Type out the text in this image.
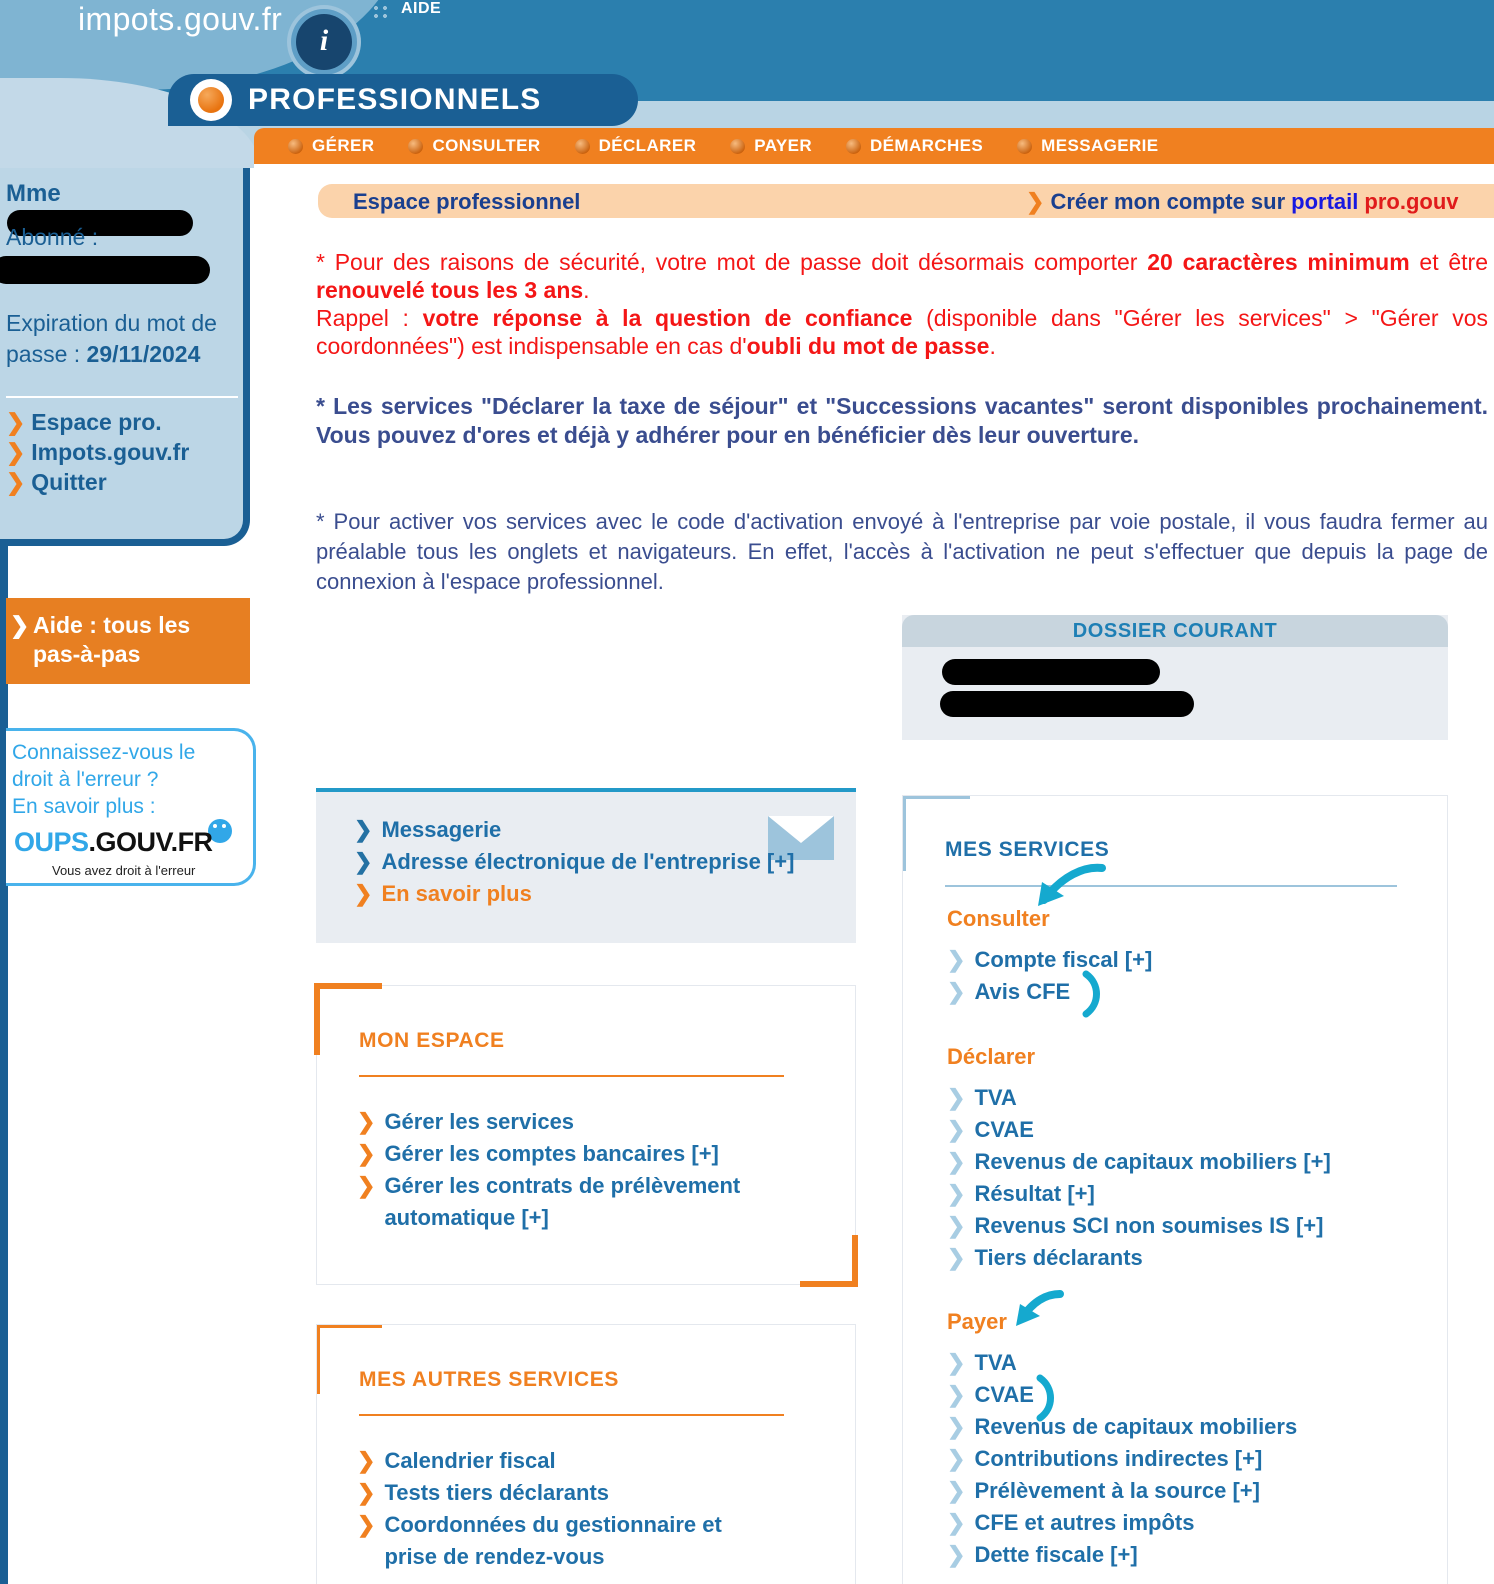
impots.gouv.fr
i
AIDE
PROFESSIONNELS
GÉRER	CONSULTER	DÉCLARER	PAYER	DÉMARCHES	MESSAGERIE
Mme
Abonné :
Expiration du mot de passe : 29/11/2024
❯ Espace pro.
❯ Impots.gouv.fr
❯ Quitter
❯ Aide : tous les pas-à-pas
Connaissez-vous le
droit à l'erreur ?
En savoir plus :
OUPS.GOUV.FR
Vous avez droit à l'erreur
Espace professionnel	❯ Créer mon compte sur portail pro.gouv
* Pour des raisons de sécurité, votre mot de passe doit désormais comporter 20 caractères minimum et être renouvelé tous les 3 ans.
Rappel : votre réponse à la question de confiance (disponible dans "Gérer les services" > "Gérer vos coordonnées") est indispensable en cas d'oubli du mot de passe.
* Les services "Déclarer la taxe de séjour" et "Successions vacantes" seront disponibles prochainement. Vous pouvez d'ores et déjà y adhérer pour en bénéficier dès leur ouverture.
* Pour activer vos services avec le code d'activation envoyé à l'entreprise par voie postale, il vous faudra fermer au préalable tous les onglets et navigateurs. En effet, l'accès à l'activation ne peut s'effectuer que depuis la page de connexion à l'espace professionnel.
DOSSIER COURANT
❯ Messagerie
❯ Adresse électronique de l'entreprise [+]
❯ En savoir plus
MON ESPACE
❯ Gérer les services
❯ Gérer les comptes bancaires [+]
❯ Gérer les contrats de prélèvement automatique [+]
MES AUTRES SERVICES
❯ Calendrier fiscal
❯ Tests tiers déclarants
❯ Coordonnées du gestionnaire et prise de rendez-vous
MES SERVICES
Consulter
❯ Compte fiscal [+]
❯ Avis CFE
Déclarer
❯ TVA
❯ CVAE
❯ Revenus de capitaux mobiliers [+]
❯ Résultat [+]
❯ Revenus SCI non soumises IS [+]
❯ Tiers déclarants
Payer
❯ TVA
❯ CVAE
❯ Revenus de capitaux mobiliers
❯ Contributions indirectes [+]
❯ Prélèvement à la source [+]
❯ CFE et autres impôts
❯ Dette fiscale [+]
